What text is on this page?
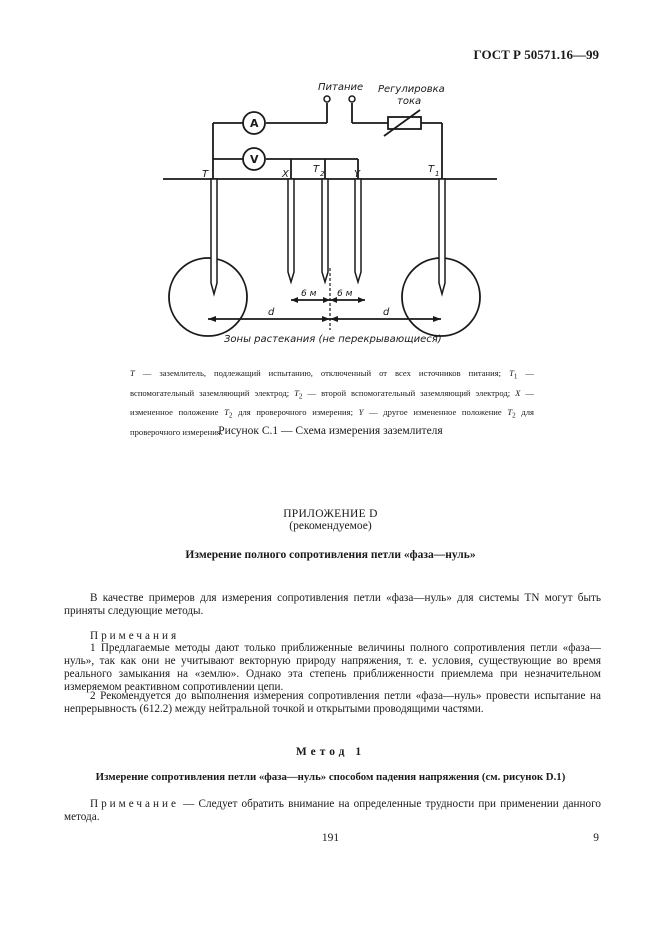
ГОСТ Р 50571.16—99
Питание Регулировка
тока
A
V
T	X T 2	Y	T 1
6 м 6 м
d	d
Зоны растекания (не перекрывающиеся)
T — заземлитель, подлежащий испытанию, отключенный от всех источников питания; $T_1$ — вспомогательный заземляющий электрод; $T_2$ — второй вспомогательный заземляющий электрод; X — измененное положение $T_2$ для проверочного измерения; Y — другое измененное положение $T_2$ для проверочного измерения.
Рисунок С.1 — Схема измерения заземлителя
ПРИЛОЖЕНИЕ D
(рекомендуемое)
Измерение полного сопротивления петли «фаза—нуль»
В качестве примеров для измерения сопротивления петли «фаза—нуль» для системы TN могут быть приняты следующие методы.
Примечания
1 Предлагаемые методы дают только приближенные величины полного сопротивления петли «фаза—нуль», так как они не учитывают векторную природу напряжения, т. е. условия, существующие во время реального замыкания на «землю». Однако эта степень приближенности приемлема при незначительном измеряемом реактивном сопротивлении цепи.
2 Рекомендуется до выполнения измерения сопротивления петли «фаза—нуль» провести испытание на непрерывность (612.2) между нейтральной точкой и открытыми проводящими частями.
Метод 1
Измерение сопротивления петли «фаза—нуль» способом падения напряжения (см. рисунок D.1)
Примечание — Следует обратить внимание на определенные трудности при применении данного метода.
191	9
